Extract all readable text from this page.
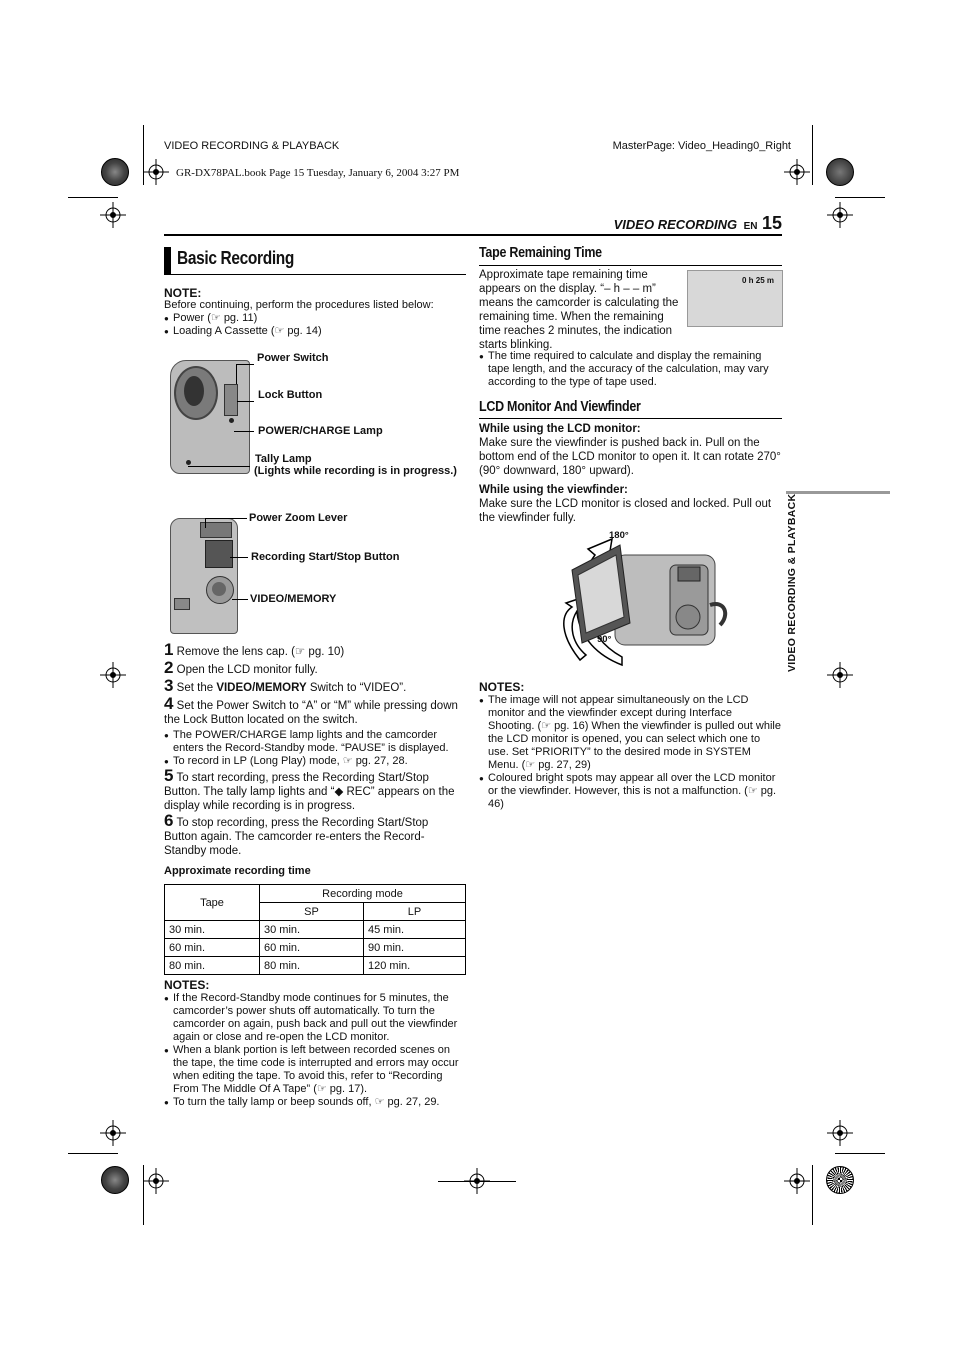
VIDEO RECORDING & PLAYBACK	MasterPage: Video_Heading0_Right
GR-DX78PAL.book Page 15 Tuesday, January 6, 2004 3:27 PM
VIDEO RECORDING EN 15
VIDEO RECORDING & PLAYBACK
Basic Recording
NOTE:
Before continuing, perform the procedures listed below:
● Power (☞ pg. 11)
● Loading A Cassette (☞ pg. 14)
Power Switch
Lock Button
POWER/CHARGE Lamp
Tally Lamp
(Lights while recording is in progress.)
Power Zoom Lever
Recording Start/Stop Button
VIDEO/MEMORY
1 Remove the lens cap. (☞ pg. 10)
2 Open the LCD monitor fully.
3 Set the VIDEO/MEMORY Switch to “VIDEO”.
4 Set the Power Switch to “A” or “M” while pressing down the Lock Button located on the switch.
● The POWER/CHARGE lamp lights and the camcorder enters the Record-Standby mode. “PAUSE” is displayed.
● To record in LP (Long Play) mode, ☞ pg. 27, 28.
5 To start recording, press the Recording Start/Stop Button. The tally lamp lights and “◆ REC” appears on the display while recording is in progress.
6 To stop recording, press the Recording Start/Stop Button again. The camcorder re-enters the Record-Standby mode.
Approximate recording time
Tape	Recording mode	
	SP	LP
30 min.	30 min.	45 min.
60 min.	60 min.	90 min.
80 min.	80 min.	120 min.
NOTES:
● If the Record-Standby mode continues for 5 minutes, the camcorder’s power shuts off automatically. To turn the camcorder on again, push back and pull out the viewfinder again or close and re-open the LCD monitor.
● When a blank portion is left between recorded scenes on the tape, the time code is interrupted and errors may occur when editing the tape. To avoid this, refer to “Recording From The Middle Of A Tape” (☞ pg. 17).
● To turn the tally lamp or beep sounds off, ☞ pg. 27, 29.
Tape Remaining Time
Approximate tape remaining time appears on the display. “– h – – m” means the camcorder is calculating the remaining time. When the remaining time reaches 2 minutes, the indication starts blinking.
0 h 25 m
● The time required to calculate and display the remaining tape length, and the accuracy of the calculation, may vary according to the type of tape used.
LCD Monitor And Viewfinder
While using the LCD monitor:
Make sure the viewfinder is pushed back in. Pull on the bottom end of the LCD monitor to open it. It can rotate 270° (90° downward, 180° upward).
While using the viewfinder:
Make sure the LCD monitor is closed and locked. Pull out the viewfinder fully.
180°
90°
NOTES:
● The image will not appear simultaneously on the LCD monitor and the viewfinder except during Interface Shooting. (☞ pg. 16) When the viewfinder is pulled out while the LCD monitor is opened, you can select which one to use. Set “PRIORITY” to the desired mode in SYSTEM Menu. (☞ pg. 27, 29)
● Coloured bright spots may appear all over the LCD monitor or the viewfinder. However, this is not a malfunction. (☞ pg. 46)
